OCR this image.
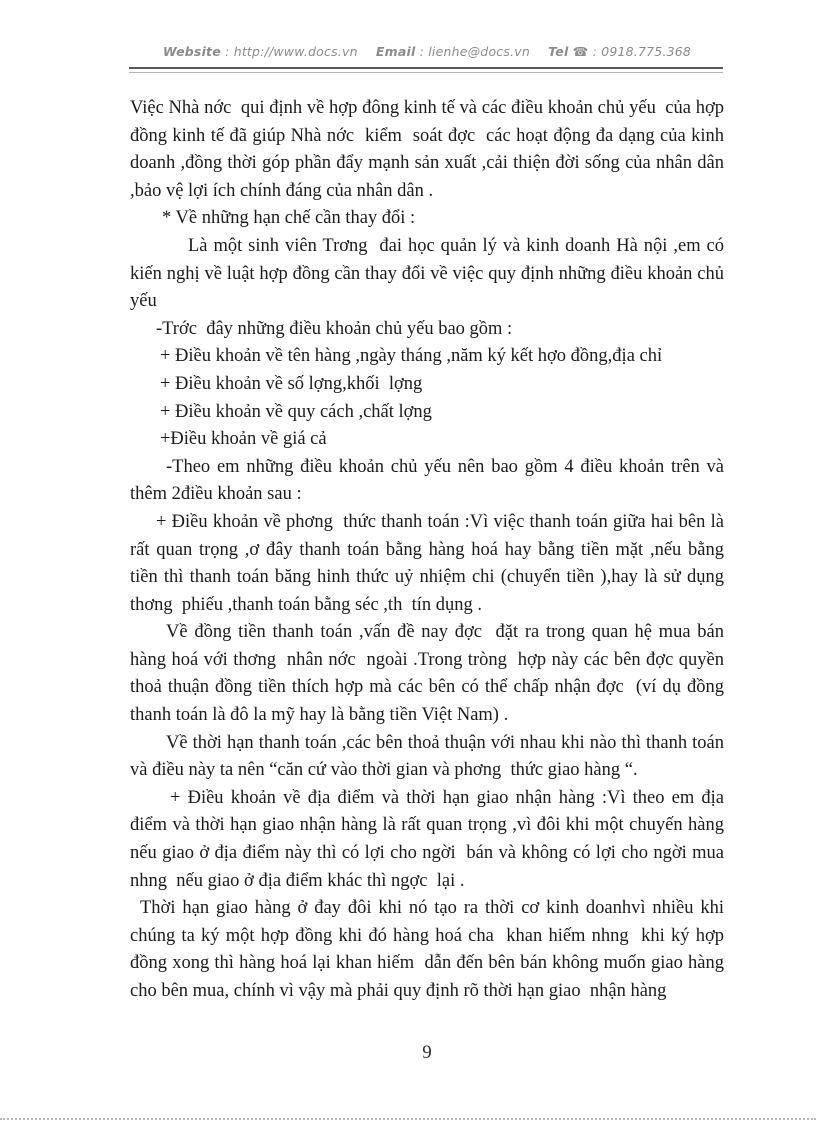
Website : http://www.docs.vn Email : lienhe@docs.vn Tel ☎ : 0918.775.368

Việc Nhà nớc  qui định về hợp đông kinh tế và các điều khoản chủ yếu  của hợp đồng kinh tế đã giúp Nhà nớc  kiểm  soát đợc  các hoạt động đa dạng của kinh doanh ,đồng thời góp phần đẩy mạnh sản xuất ,cải thiện đời sống của nhân dân ,bảo vệ lợi ích chính đáng của nhân dân .

* Về những hạn chế cần thay đổi :

Là một sinh viên Trơng  đai học quản lý và kinh doanh Hà nội ,em có kiến nghị về luật hợp đồng cần thay đổi về việc quy định những điều khoản chủ yếu

-Trớc  đây những điều khoản chủ yếu bao gồm :

+ Điều khoản về tên hàng ,ngày tháng ,năm ký kết hợo đồng,địa chỉ

+ Điều khoản về số lợng,khối  lợng

+ Điều khoản về quy cách ,chất lợng

+Điều khoản về giá cả

-Theo em những điều khoản chủ yếu nên bao gồm 4 điều khoản trên và thêm 2điều khoản sau :

+ Điều khoản về phơng  thức thanh toán :Vì việc thanh toán giữa hai bên là rất quan trọng ,ơ đây thanh toán bằng hàng hoá hay bằng tiền mặt ,nếu bằng tiền thì thanh toán băng hinh thức uỷ nhiệm chi (chuyển tiền ),hay là sử dụng thơng  phiếu ,thanh toán bằng séc ,th  tín dụng .

Về đồng tiền thanh toán ,vấn đề nay đợc  đặt ra trong quan hệ mua bán hàng hoá với thơng  nhân nớc  ngoài .Trong tròng  hợp này các bên đợc quyền thoả thuận đồng tiền thích hợp mà các bên có thể chấp nhận đợc  (ví dụ đồng thanh toán là đô la mỹ hay là bằng tiền Việt Nam) .

Về thời hạn thanh toán ,các bên thoả thuận với nhau khi nào thì thanh toán và điều này ta nên “căn cứ vào thời gian và phơng  thức giao hàng “.

+ Điều khoản về địa điểm và thời hạn giao nhận hàng :Vì theo em địa điểm và thời hạn giao nhận hàng là rất quan trọng ,vì đôi khi một chuyến hàng nếu giao ở địa điểm này thì có lợi cho ngời  bán và không có lợi cho ngời mua nhng  nếu giao ở địa điểm khác thì ngợc  lại .

Thời hạn giao hàng ở đay đôi khi nó tạo ra thời cơ kinh doanhvì nhiều khi chúng ta ký một hợp đồng khi đó hàng hoá cha  khan hiếm nhng  khi ký hợp đồng xong thì hàng hoá lại khan hiếm  dẫn đến bên bán không muốn giao hàng cho bên mua, chính vì vậy mà phải quy định rõ thời hạn giao  nhận hàng

9
